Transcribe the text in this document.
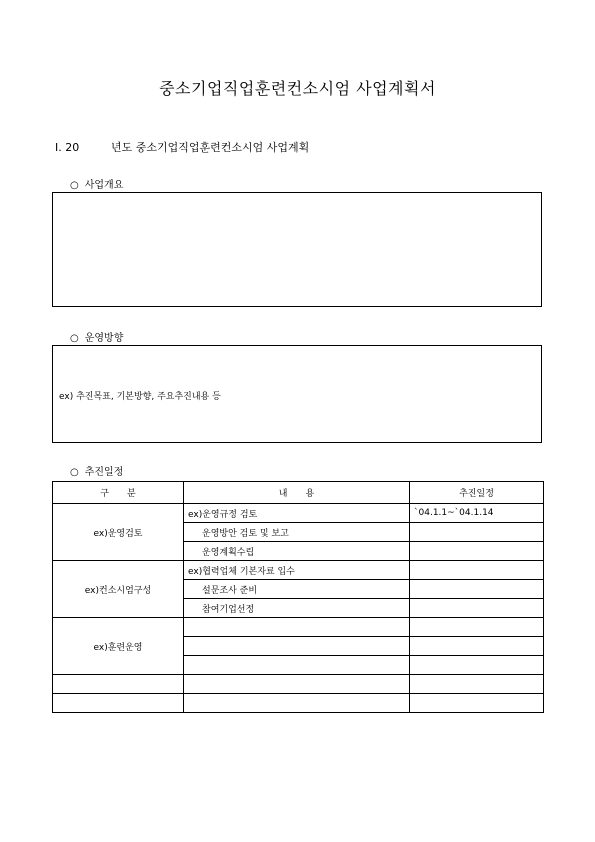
중소기업직업훈련컨소시엄 사업계획서
Ⅰ. 20	년도 중소기업직업훈련컨소시엄 사업계획
○ 사업개요
○ 운영방향
ex) 추진목표, 기본방향, 주요추진내용 등
○ 추진일정
구　　분	내　　용	추진일정
ex)운영검토	ex)운영규정 검토	`04.1.1~`04.1.14
	운영방안 검토 및 보고	
	운영계획수립	
ex)컨소시엄구성	ex)협력업체 기본자료 입수	
	설문조사 준비	
	참여기업선정	
ex)훈련운영		
